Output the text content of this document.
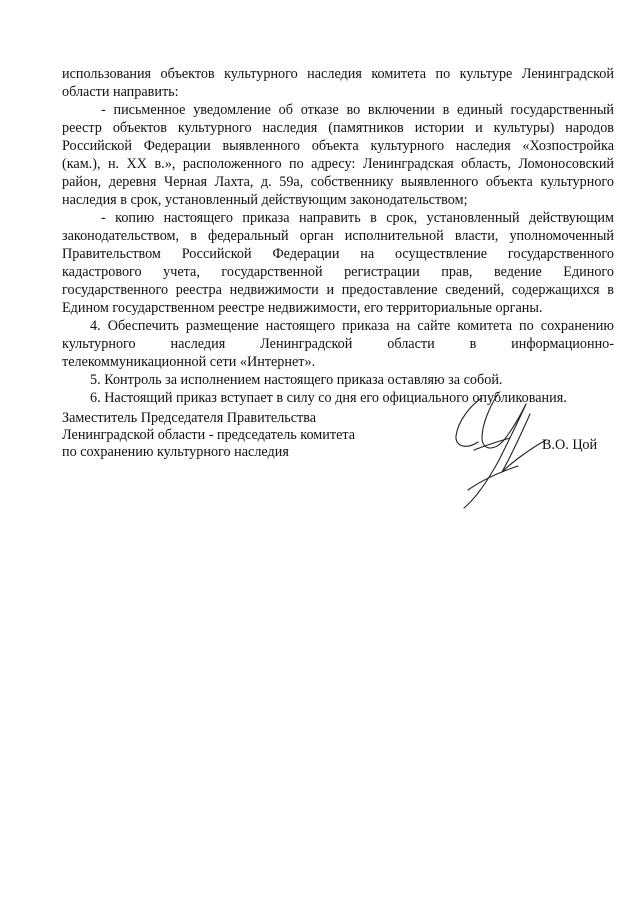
использования объектов культурного наследия комитета по культуре Ленинградской
области направить:
- письменное уведомление об отказе во включении в единый государственный
реестр объектов культурного наследия (памятников истории и культуры) народов
Российской Федерации выявленного объекта культурного наследия «Хозпостройка
(кам.), н. XX в.», расположенного по адресу: Ленинградская область, Ломоносовский
район, деревня Черная Лахта, д. 59а, собственнику выявленного объекта культурного
наследия в срок, установленный действующим законодательством;
- копию настоящего приказа направить в срок, установленный действующим
законодательством, в федеральный орган исполнительной власти, уполномоченный
Правительством Российской Федерации на осуществление государственного
кадастрового учета, государственной регистрации прав, ведение Единого
государственного реестра недвижимости и предоставление сведений, содержащихся в
Едином государственном реестре недвижимости, его территориальные органы.
4. Обеспечить размещение настоящего приказа на сайте комитета по сохранению
культурного наследия Ленинградской области в информационно-
телекоммуникационной сети «Интернет».
5. Контроль за исполнением настоящего приказа оставляю за собой.
6. Настоящий приказ вступает в силу со дня его официального опубликования.
Заместитель Председателя Правительства
Ленинградской области - председатель комитета
по сохранению культурного наследия	В.О. Цой
